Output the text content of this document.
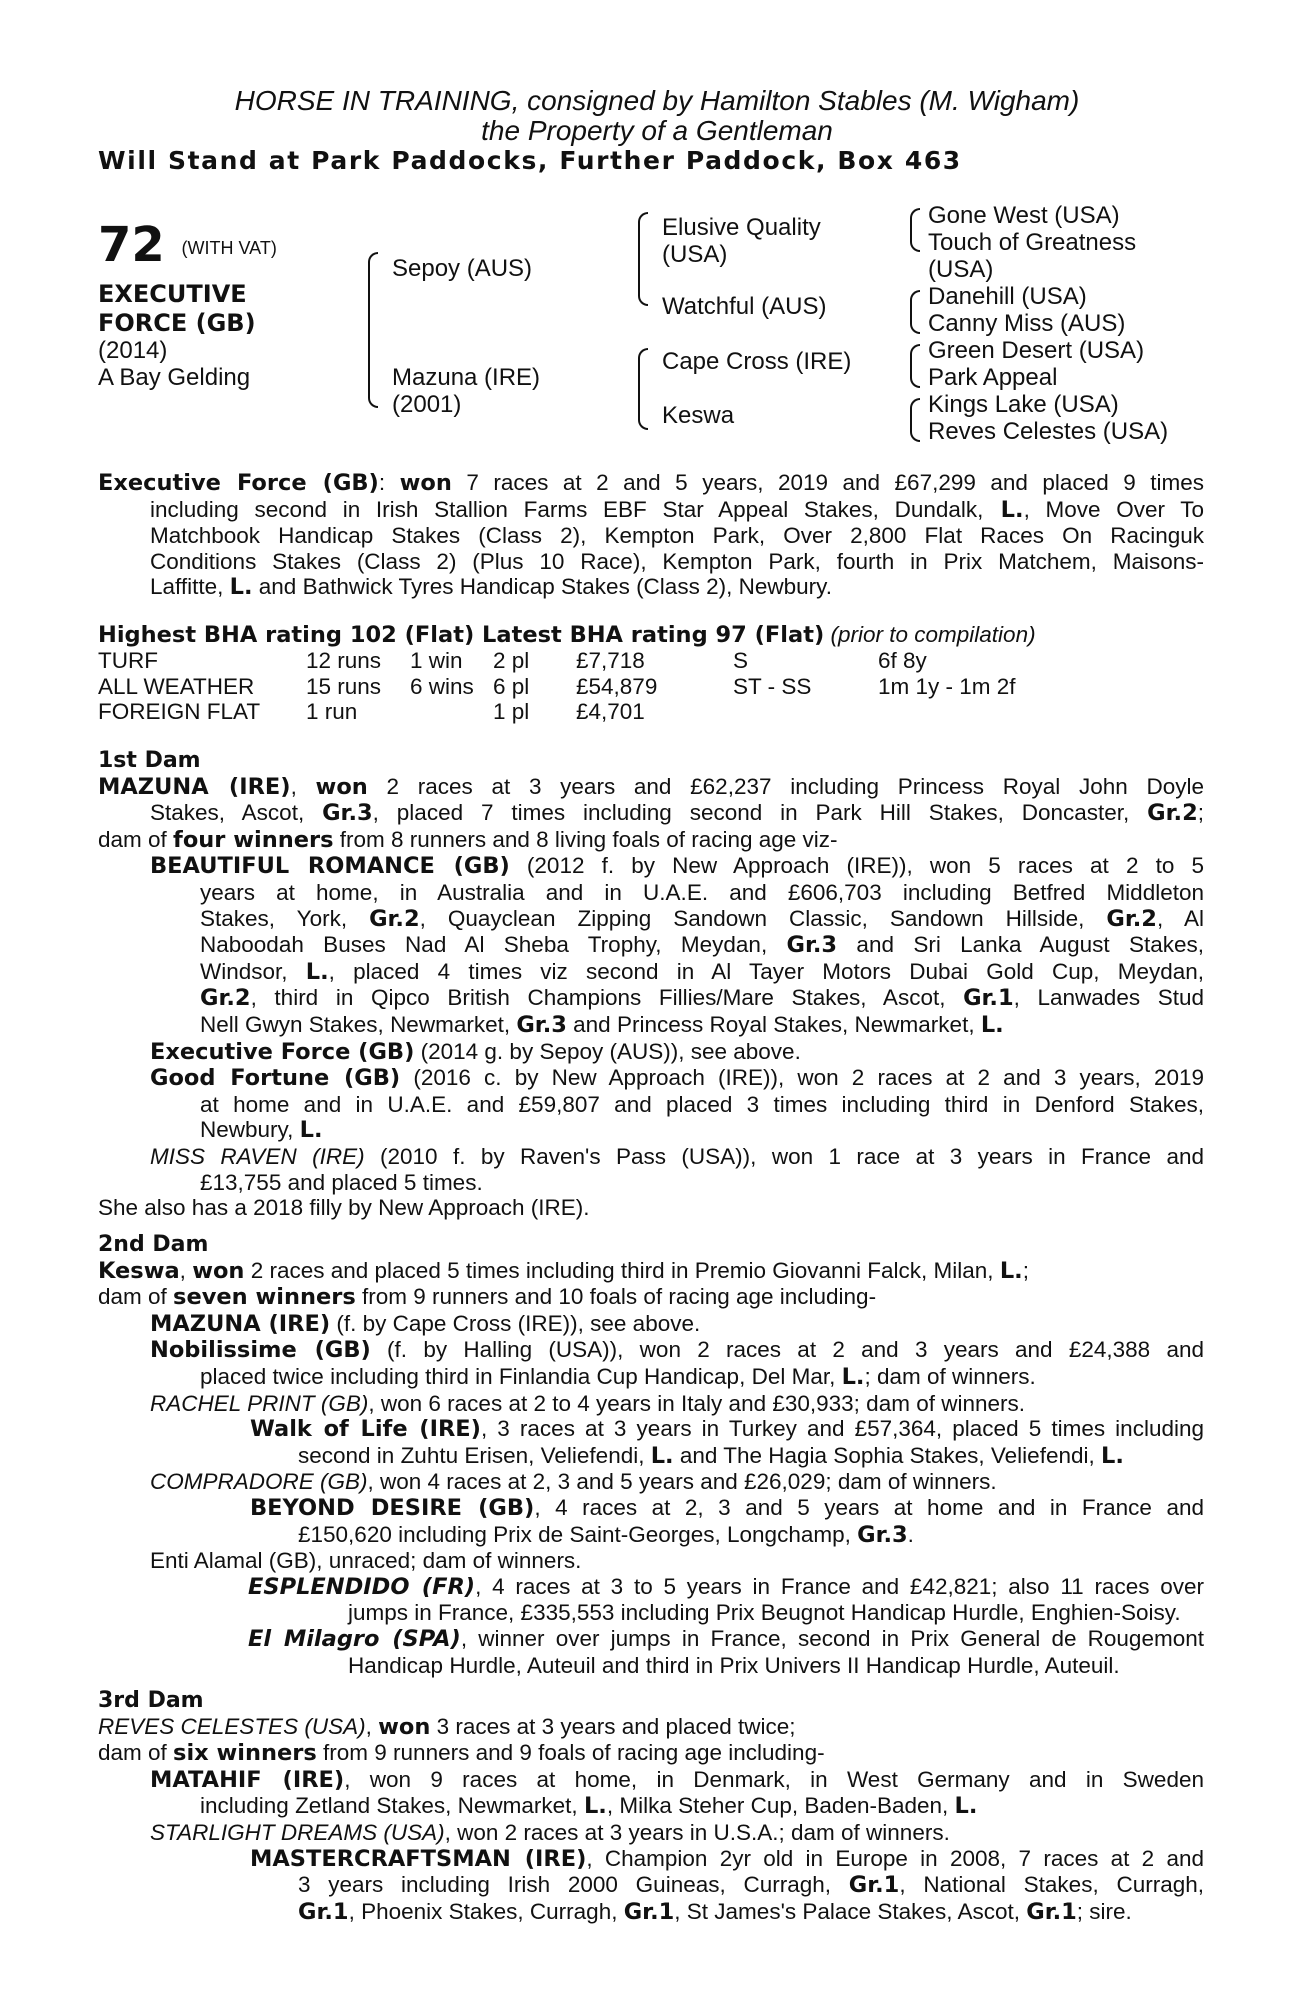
HORSE IN TRAINING, consigned by Hamilton Stables (M. Wigham)
the Property of a Gentleman
Will Stand at Park Paddocks, Further Paddock, Box 463
72 (WITH VAT)
EXECUTIVE
FORCE (GB)
(2014)
A Bay Gelding
Sepoy (AUS)
Mazuna (IRE)
(2001)
Elusive Quality
(USA)
Watchful (AUS)
Cape Cross (IRE)
Keswa
Gone West (USA)
Touch of Greatness
(USA)
Danehill (USA)
Canny Miss (AUS)
Green Desert (USA)
Park Appeal
Kings Lake (USA)
Reves Celestes (USA)
Executive Force (GB): won 7 races at 2 and 5 years, 2019 and £67,299 and placed 9 times
including second in Irish Stallion Farms EBF Star Appeal Stakes, Dundalk, L., Move Over To
Matchbook Handicap Stakes (Class 2), Kempton Park, Over 2,800 Flat Races On Racinguk
Conditions Stakes (Class 2) (Plus 10 Race), Kempton Park, fourth in Prix Matchem, Maisons-
Laffitte, L. and Bathwick Tyres Handicap Stakes (Class 2), Newbury.
Highest BHA rating 102 (Flat) Latest BHA rating 97 (Flat) (prior to compilation)
TURF	12 runs 1 win 2 pl £7,718	S	6f 8y
ALL WEATHER 15 runs 6 wins 6 pl £54,879	ST - SS	1m 1y - 1m 2f
FOREIGN FLAT 1 run	1 pl £4,701
1st Dam
MAZUNA (IRE), won 2 races at 3 years and £62,237 including Princess Royal John Doyle
Stakes, Ascot, Gr.3, placed 7 times including second in Park Hill Stakes, Doncaster, Gr.2;
dam of four winners from 8 runners and 8 living foals of racing age viz-
BEAUTIFUL ROMANCE (GB) (2012 f. by New Approach (IRE)), won 5 races at 2 to 5
years at home, in Australia and in U.A.E. and £606,703 including Betfred Middleton
Stakes, York, Gr.2, Quayclean Zipping Sandown Classic, Sandown Hillside, Gr.2, Al
Naboodah Buses Nad Al Sheba Trophy, Meydan, Gr.3 and Sri Lanka August Stakes,
Windsor, L., placed 4 times viz second in Al Tayer Motors Dubai Gold Cup, Meydan,
Gr.2, third in Qipco British Champions Fillies/Mare Stakes, Ascot, Gr.1, Lanwades Stud
Nell Gwyn Stakes, Newmarket, Gr.3 and Princess Royal Stakes, Newmarket, L.
Executive Force (GB) (2014 g. by Sepoy (AUS)), see above.
Good Fortune (GB) (2016 c. by New Approach (IRE)), won 2 races at 2 and 3 years, 2019
at home and in U.A.E. and £59,807 and placed 3 times including third in Denford Stakes,
Newbury, L.
MISS RAVEN (IRE) (2010 f. by Raven's Pass (USA)), won 1 race at 3 years in France and
£13,755 and placed 5 times.
She also has a 2018 filly by New Approach (IRE).
2nd Dam
Keswa, won 2 races and placed 5 times including third in Premio Giovanni Falck, Milan, L.;
dam of seven winners from 9 runners and 10 foals of racing age including-
MAZUNA (IRE) (f. by Cape Cross (IRE)), see above.
Nobilissime (GB) (f. by Halling (USA)), won 2 races at 2 and 3 years and £24,388 and
placed twice including third in Finlandia Cup Handicap, Del Mar, L.; dam of winners.
RACHEL PRINT (GB), won 6 races at 2 to 4 years in Italy and £30,933; dam of winners.
Walk of Life (IRE), 3 races at 3 years in Turkey and £57,364, placed 5 times including
second in Zuhtu Erisen, Veliefendi, L. and The Hagia Sophia Stakes, Veliefendi, L.
COMPRADORE (GB), won 4 races at 2, 3 and 5 years and £26,029; dam of winners.
BEYOND DESIRE (GB), 4 races at 2, 3 and 5 years at home and in France and
£150,620 including Prix de Saint-Georges, Longchamp, Gr.3.
Enti Alamal (GB), unraced; dam of winners.
ESPLENDIDO (FR), 4 races at 3 to 5 years in France and £42,821; also 11 races over
jumps in France, £335,553 including Prix Beugnot Handicap Hurdle, Enghien-Soisy.
El Milagro (SPA), winner over jumps in France, second in Prix General de Rougemont
Handicap Hurdle, Auteuil and third in Prix Univers II Handicap Hurdle, Auteuil.
3rd Dam
REVES CELESTES (USA), won 3 races at 3 years and placed twice;
dam of six winners from 9 runners and 9 foals of racing age including-
MATAHIF (IRE), won 9 races at home, in Denmark, in West Germany and in Sweden
including Zetland Stakes, Newmarket, L., Milka Steher Cup, Baden-Baden, L.
STARLIGHT DREAMS (USA), won 2 races at 3 years in U.S.A.; dam of winners.
MASTERCRAFTSMAN (IRE), Champion 2yr old in Europe in 2008, 7 races at 2 and
3 years including Irish 2000 Guineas, Curragh, Gr.1, National Stakes, Curragh,
Gr.1, Phoenix Stakes, Curragh, Gr.1, St James's Palace Stakes, Ascot, Gr.1; sire.
